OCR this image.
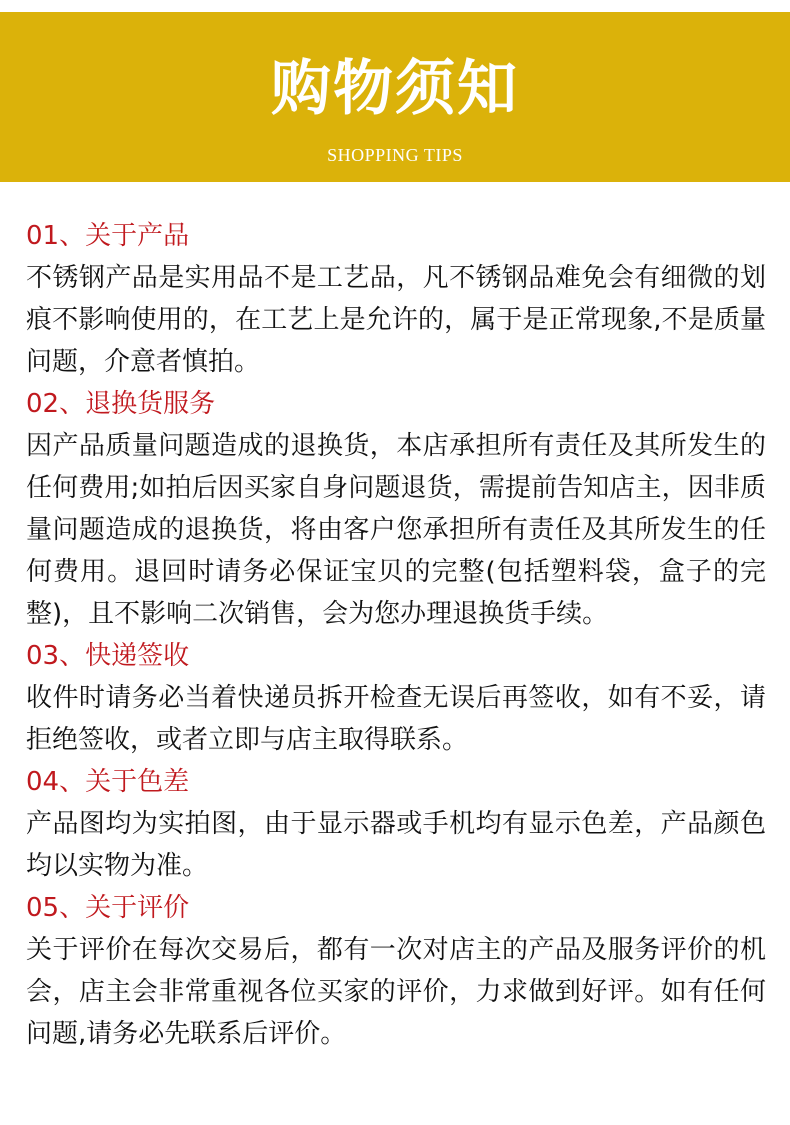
购物须知
SHOPPING TIPS
01、关于产品

不锈钢产品是实用品不是工艺品，凡不锈钢品难免会有细微的划痕不影响使用的，在工艺上是允许的，属于是正常现象,不是质量问题，介意者慎拍。

02、退换货服务

因产品质量问题造成的退换货，本店承担所有责任及其所发生的任何费用;如拍后因买家自身问题退货，需提前告知店主，因非质量问题造成的退换货，将由客户您承担所有责任及其所发生的任何费用。退回时请务必保证宝贝的完整(包括塑料袋，盒子的完整)，且不影响二次销售，会为您办理退换货手续。

03、快递签收

收件时请务必当着快递员拆开检查无误后再签收，如有不妥，请拒绝签收，或者立即与店主取得联系。

04、关于色差

产品图均为实拍图，由于显示器或手机均有显示色差，产品颜色均以实物为准。

05、关于评价

关于评价在每次交易后，都有一次对店主的产品及服务评价的机会，店主会非常重视各位买家的评价，力求做到好评。如有任何问题,请务必先联系后评价。
